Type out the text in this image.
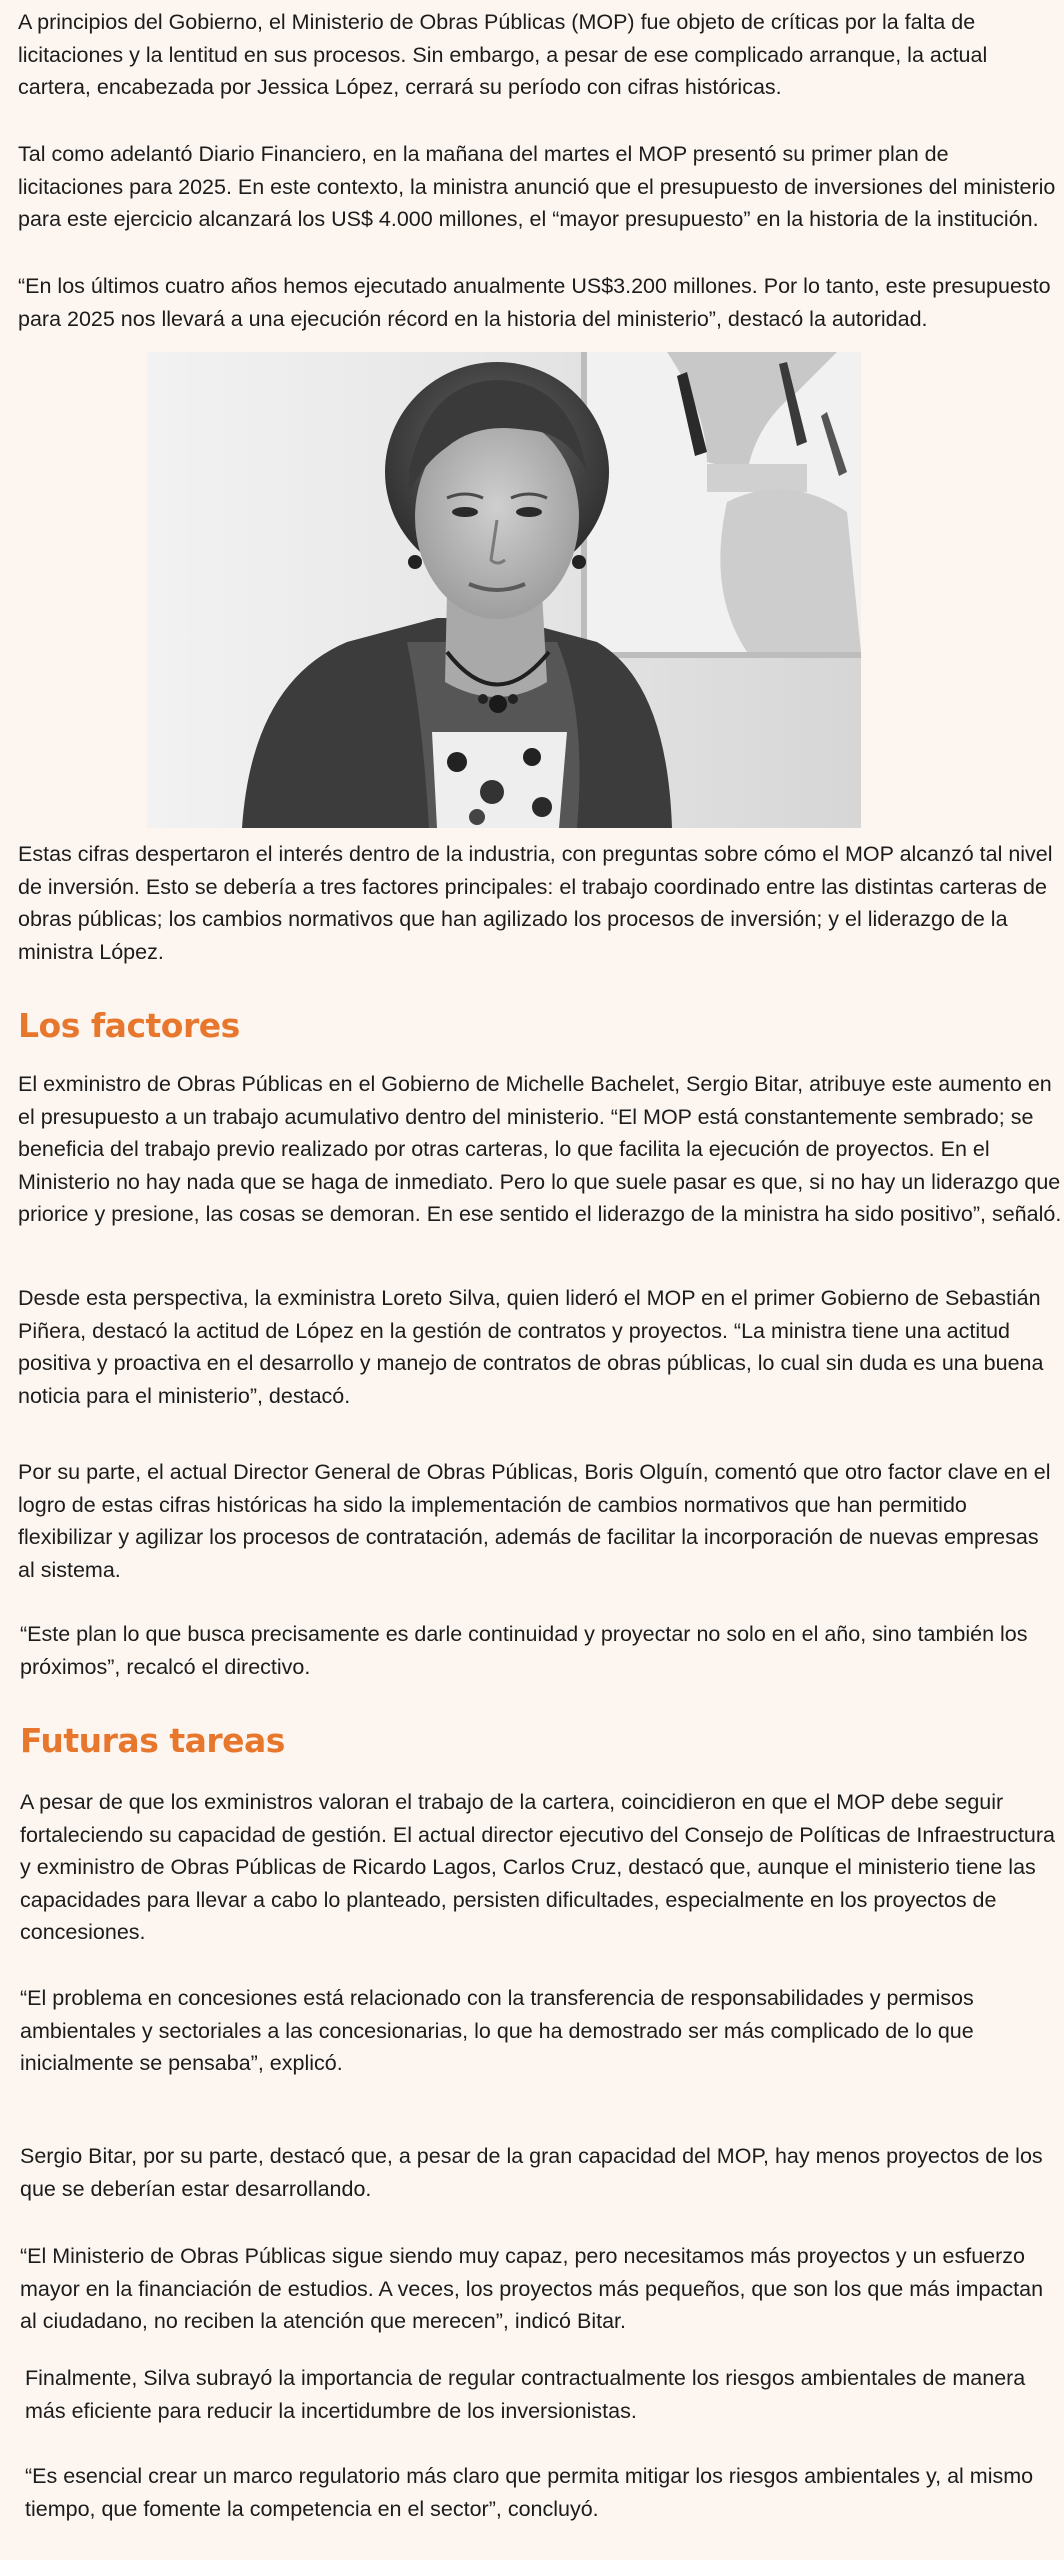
A principios del Gobierno, el Ministerio de Obras Públicas (MOP) fue objeto de críticas por la falta de licitaciones y la lentitud en sus procesos. Sin embargo, a pesar de ese complicado arranque, la actual cartera, encabezada por Jessica López, cerrará su período con cifras históricas.

Tal como adelantó Diario Financiero, en la mañana del martes el MOP presentó su primer plan de licitaciones para 2025. En este contexto, la ministra anunció que el presupuesto de inversiones del ministerio para este ejercicio alcanzará los US$ 4.000 millones, el “mayor presupuesto” en la historia de la institución.

“En los últimos cuatro años hemos ejecutado anualmente US$3.200 millones. Por lo tanto, este presupuesto para 2025 nos llevará a una ejecución récord en la historia del ministerio”, destacó la autoridad.

Estas cifras despertaron el interés dentro de la industria, con preguntas sobre cómo el MOP alcanzó tal nivel de inversión. Esto se debería a tres factores principales: el trabajo coordinado entre las distintas carteras de obras públicas; los cambios normativos que han agilizado los procesos de inversión; y el liderazgo de la ministra López.

Los factores

El exministro de Obras Públicas en el Gobierno de Michelle Bachelet, Sergio Bitar, atribuye este aumento en el presupuesto a un trabajo acumulativo dentro del ministerio. “El MOP está constantemente sembrado; se beneficia del trabajo previo realizado por otras carteras, lo que facilita la ejecución de proyectos. En el Ministerio no hay nada que se haga de inmediato. Pero lo que suele pasar es que, si no hay un liderazgo que priorice y presione, las cosas se demoran. En ese sentido el liderazgo de la ministra ha sido positivo”, señaló.

Desde esta perspectiva, la exministra Loreto Silva, quien lideró el MOP en el primer Gobierno de Sebastián Piñera, destacó la actitud de López en la gestión de contratos y proyectos. “La ministra tiene una actitud positiva y proactiva en el desarrollo y manejo de contratos de obras públicas, lo cual sin duda es una buena noticia para el ministerio”, destacó.

Por su parte, el actual Director General de Obras Públicas, Boris Olguín, comentó que otro factor clave en el logro de estas cifras históricas ha sido la implementación de cambios normativos que han permitido flexibilizar y agilizar los procesos de contratación, además de facilitar la incorporación de nuevas empresas al sistema.

“Este plan lo que busca precisamente es darle continuidad y proyectar no solo en el año, sino también los próximos”, recalcó el directivo.

Futuras tareas

A pesar de que los exministros valoran el trabajo de la cartera, coincidieron en que el MOP debe seguir fortaleciendo su capacidad de gestión. El actual director ejecutivo del Consejo de Políticas de Infraestructura y exministro de Obras Públicas de Ricardo Lagos, Carlos Cruz, destacó que, aunque el ministerio tiene las capacidades para llevar a cabo lo planteado, persisten dificultades, especialmente en los proyectos de concesiones.

“El problema en concesiones está relacionado con la transferencia de responsabilidades y permisos ambientales y sectoriales a las concesionarias, lo que ha demostrado ser más complicado de lo que inicialmente se pensaba”, explicó.

Sergio Bitar, por su parte, destacó que, a pesar de la gran capacidad del MOP, hay menos proyectos de los que se deberían estar desarrollando.

“El Ministerio de Obras Públicas sigue siendo muy capaz, pero necesitamos más proyectos y un esfuerzo mayor en la financiación de estudios. A veces, los proyectos más pequeños, que son los que más impactan al ciudadano, no reciben la atención que merecen”, indicó Bitar.

Finalmente, Silva subrayó la importancia de regular contractualmente los riesgos ambientales de manera más eficiente para reducir la incertidumbre de los inversionistas.

“Es esencial crear un marco regulatorio más claro que permita mitigar los riesgos ambientales y, al mismo tiempo, que fomente la competencia en el sector”, concluyó.
